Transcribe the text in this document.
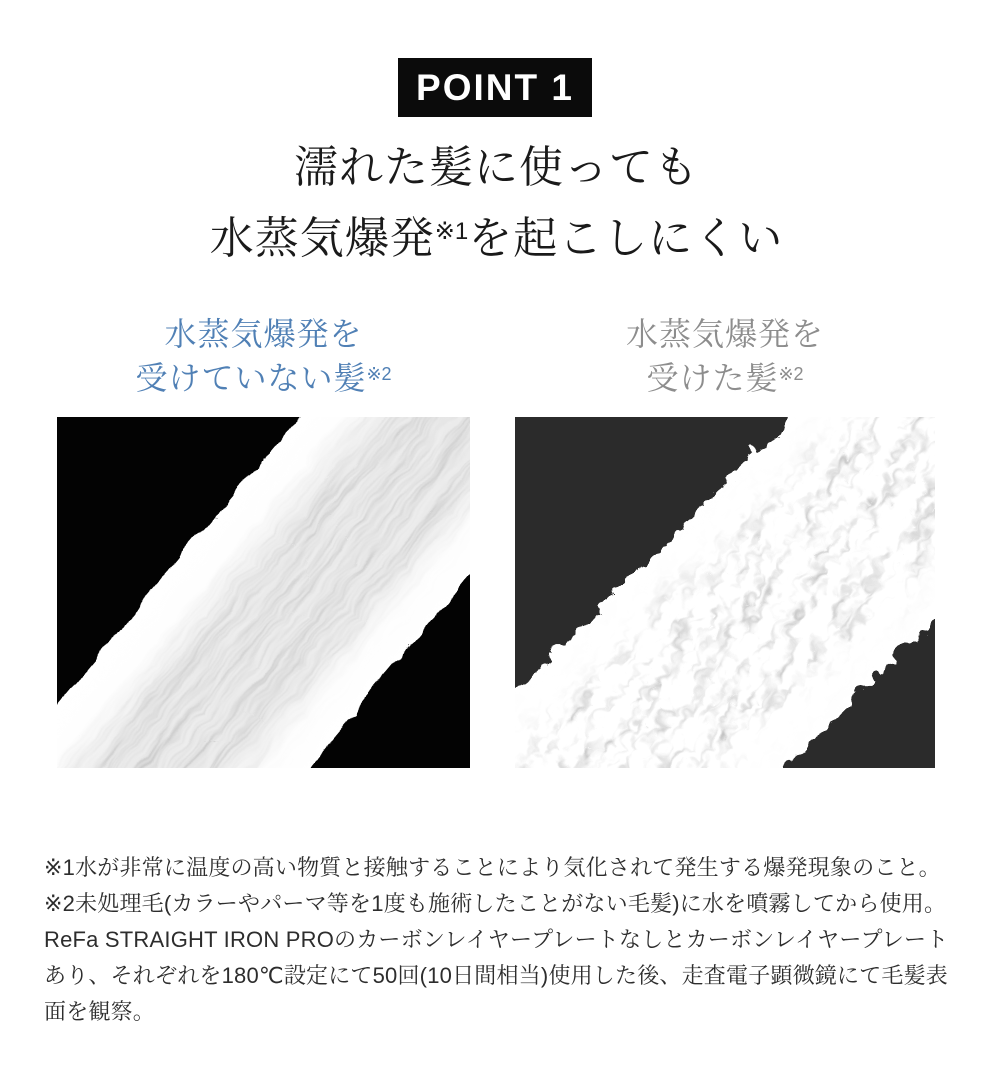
POINT 1
濡れた髪に使っても
水蒸気爆発$^{※1}$を起こしにくい

水蒸気爆発を
受けていない髪$^{※2}$

水蒸気爆発を
受けた髪$^{※2}$

※1水が非常に温度の高い物質と接触することにより気化されて発生する爆発現象のこと。

※2未処理毛(カラーやパーマ等を1度も施術したことがない毛髪)に水を噴霧してから使用。ReFa STRAIGHT IRON PROのカーボンレイヤープレートなしとカーボンレイヤープレートあり、それぞれを180℃設定にて50回(10日間相当)使用した後、走査電子顕微鏡にて毛髪表面を観察。
